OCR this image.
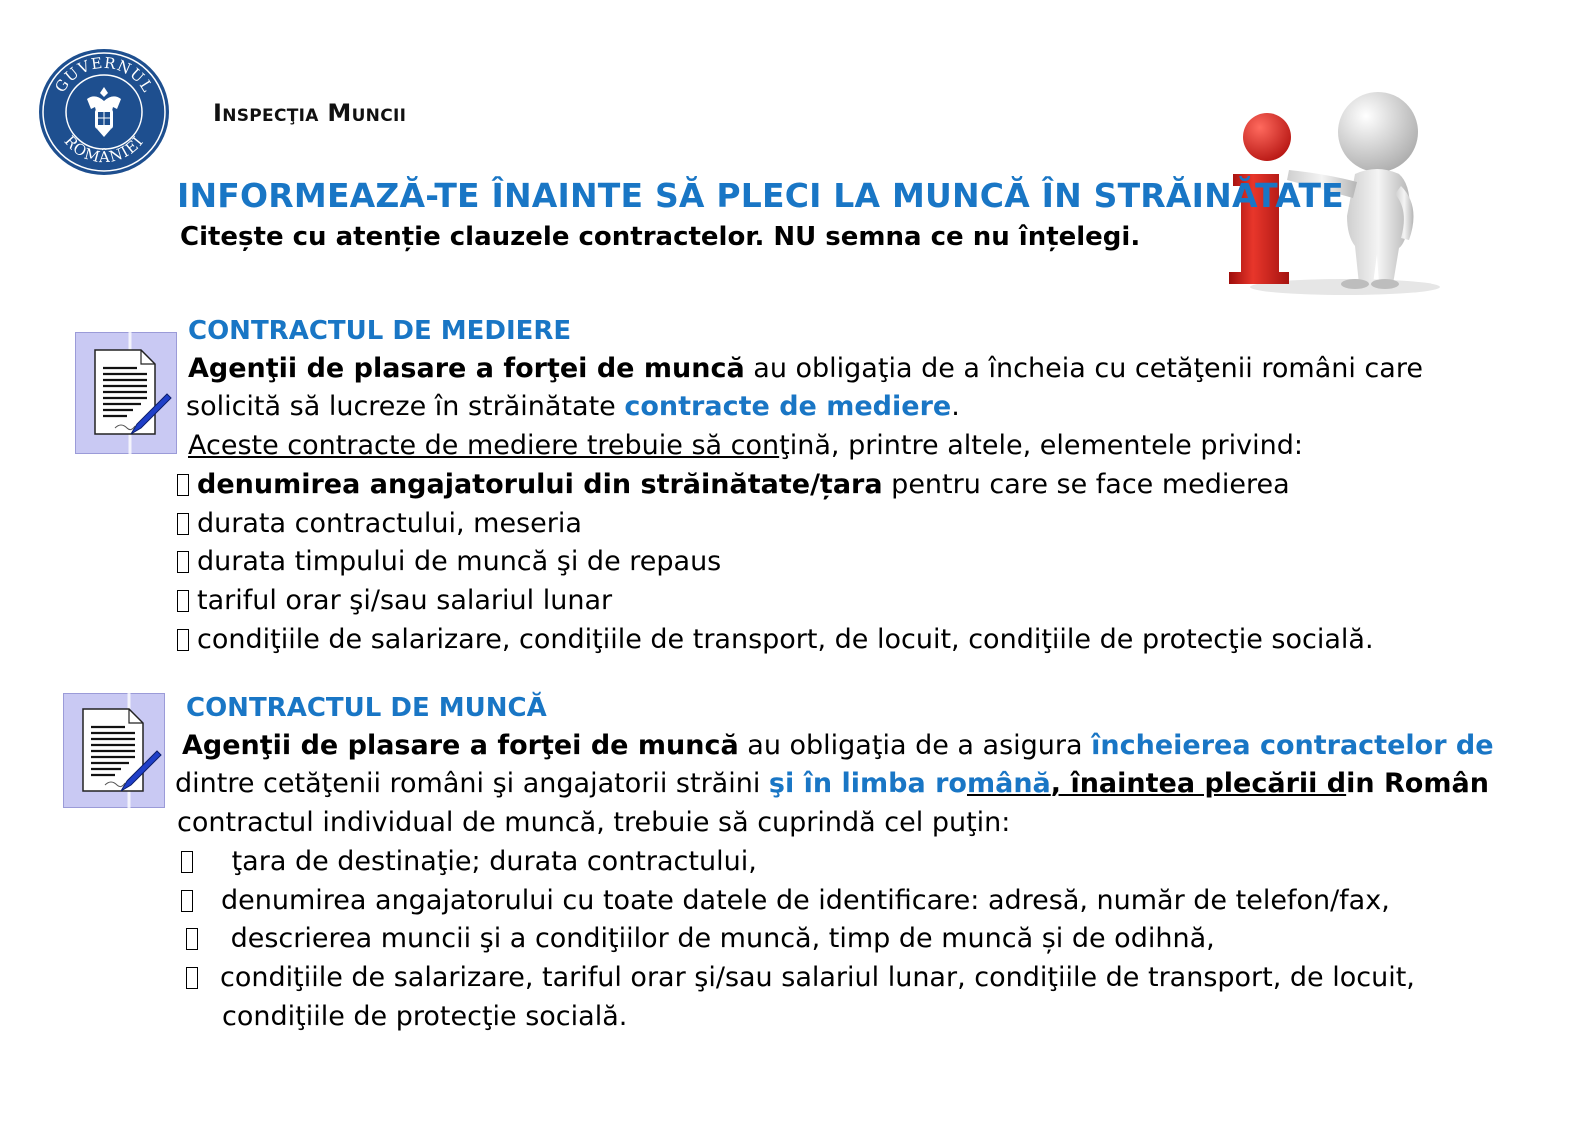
GUVERNUL
ROMÂNIEI
Inspecţia Muncii
INFORMEAZĂ-TE ÎNAINTE SĂ PLECI LA MUNCĂ ÎN STRĂINĂTATE
Citește cu atenție clauzele contractelor. NU semna ce nu înțelegi.
CONTRACTUL DE MEDIERE
Agenţii de plasare a forţei de muncă au obligaţia de a încheia cu cetăţenii români care
solicită să lucreze în străinătate contracte de mediere.
Aceste contracte de mediere trebuie să conţină, printre altele, elementele privind:
denumirea angajatorului din străinătate/țara pentru care se face medierea
durata contractului, meseria
durata timpului de muncă şi de repaus
tariful orar şi/sau salariul lunar
condiţiile de salarizare, condiţiile de transport, de locuit, condiţiile de protecţie socială.
CONTRACTUL DE MUNCĂ
Agenţii de plasare a forţei de muncă au obligaţia de a asigura încheierea contractelor de
dintre cetăţenii români şi angajatorii străini şi în limba română, înaintea plecării din Român
contractul individual de muncă, trebuie să cuprindă cel puţin:
ţara de destinaţie; durata contractului,
denumirea angajatorului cu toate datele de identificare: adresă, număr de telefon/fax,
descrierea muncii şi a condiţiilor de muncă, timp de muncă și de odihnă,
condiţiile de salarizare, tariful orar şi/sau salariul lunar, condiţiile de transport, de locuit,
condiţiile de protecţie socială.
